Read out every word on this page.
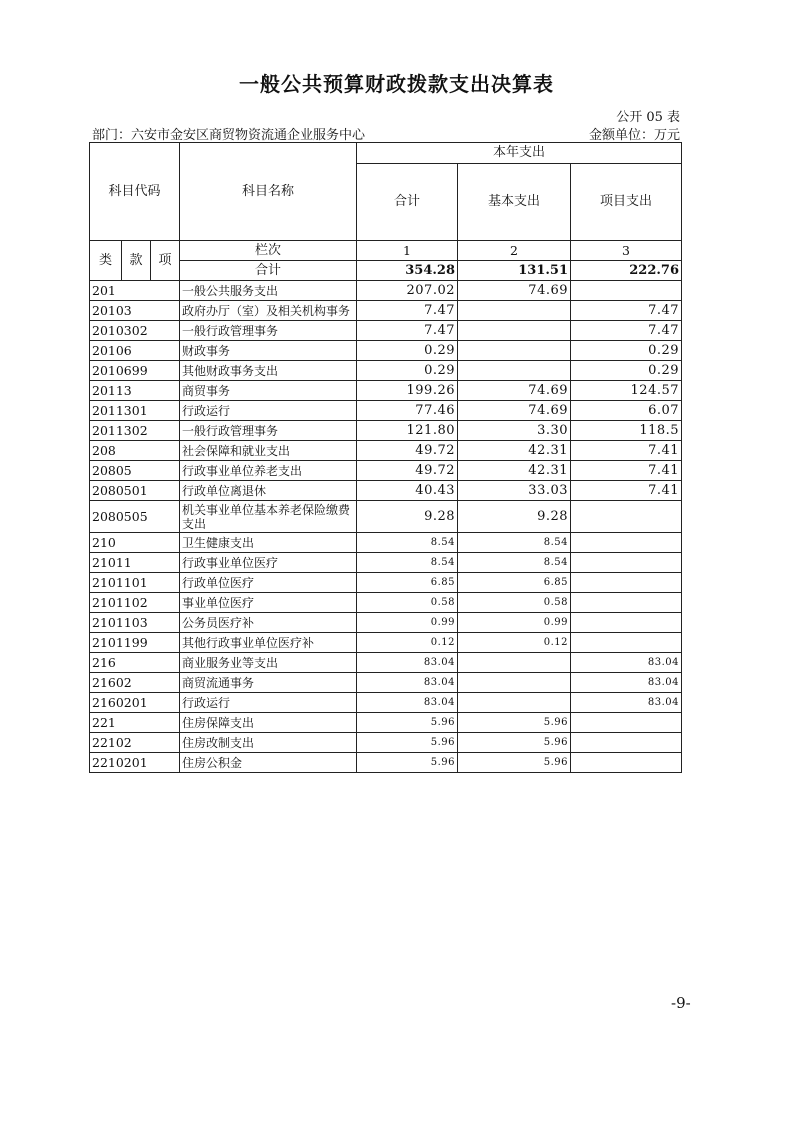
一般公共预算财政拨款支出决算表
公开 05 表
部门：六安市金安区商贸物资流通企业服务中心	金额单位：万元
科目代码			科目名称	本年支出		
				合计	基本支出	项目支出

类	款	项	栏次	1	2	3
			合计	354.28	131.51	222.76
201			一般公共服务支出	207.02	74.69	
20103			政府办厅（室）及相关机构事务	7.47		7.47
2010302			一般行政管理事务	7.47		7.47
20106			财政事务	0.29		0.29
2010699			其他财政事务支出	0.29		0.29
20113			商贸事务	199.26	74.69	124.57
2011301			行政运行	77.46	74.69	6.07
2011302			一般行政管理事务	121.80	3.30	118.5
208			社会保障和就业支出	49.72	42.31	7.41
20805			行政事业单位养老支出	49.72	42.31	7.41
2080501			行政单位离退休	40.43	33.03	7.41
2080505			机关事业单位基本养老保险缴费支出	9.28	9.28	
210			卫生健康支出	8.54	8.54	
21011			行政事业单位医疗	8.54	8.54	
2101101			行政单位医疗	6.85	6.85	
2101102			事业单位医疗	0.58	0.58	
2101103			公务员医疗补	0.99	0.99	
2101199			其他行政事业单位医疗补	0.12	0.12	
216			商业服务业等支出	83.04		83.04
21602			商贸流通事务	83.04		83.04
2160201			行政运行	83.04		83.04
221			住房保障支出	5.96	5.96	
22102			住房改制支出	5.96	5.96	
2210201			住房公积金	5.96	5.96	
-9-
